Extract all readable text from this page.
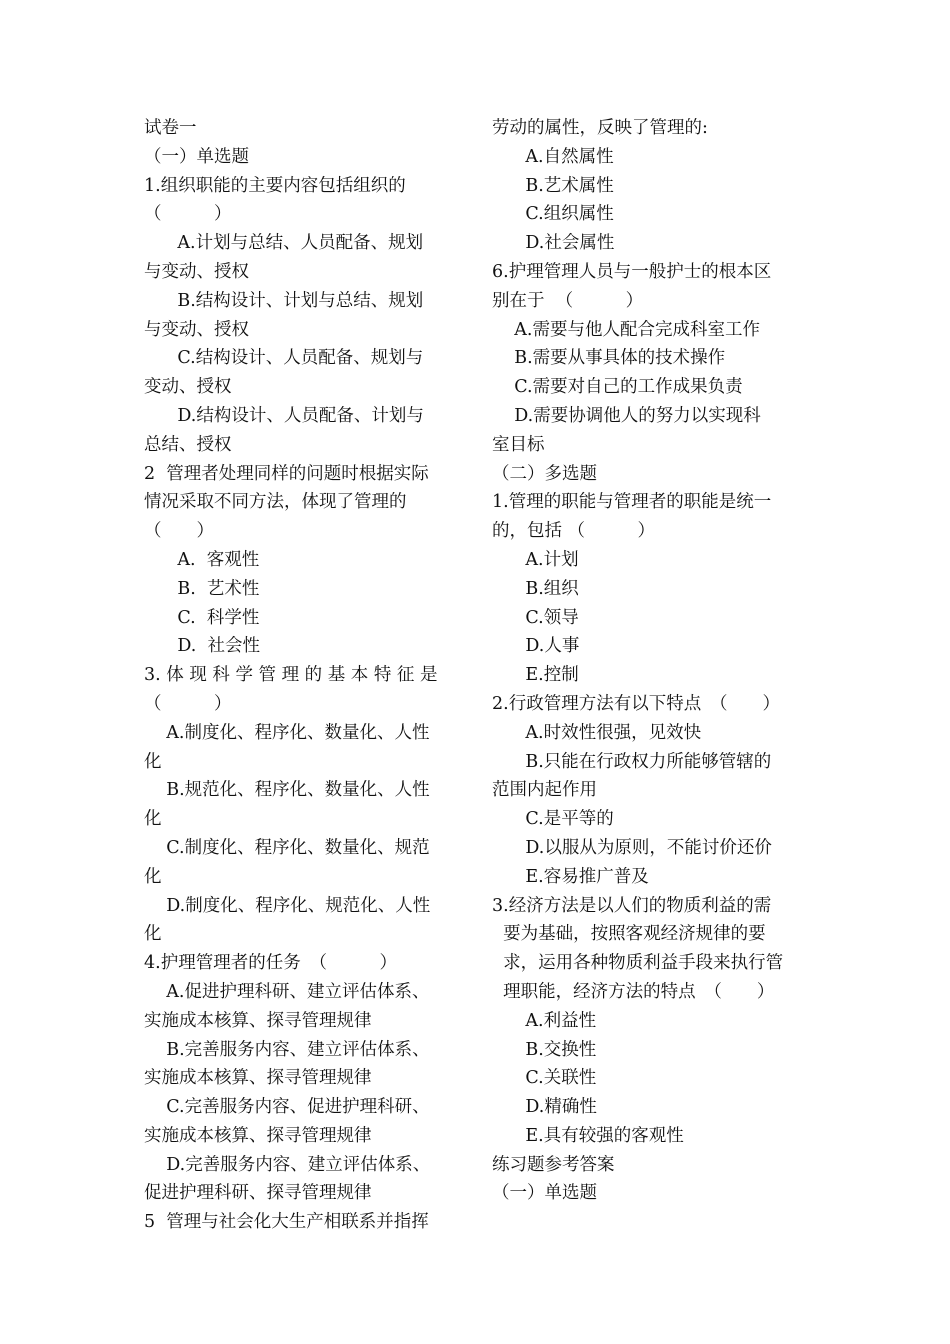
试卷一
（一）单选题
1.组织职能的主要内容包括组织的
（　　　）
A.计划与总结、人员配备、规划
与变动、授权
B.结构设计、计划与总结、规划
与变动、授权
C.结构设计、人员配备、规划与
变动、授权
D.结构设计、人员配备、计划与
总结、授权
2  管理者处理同样的问题时根据实际
情况采取不同方法，体现了管理的
（　　）
A.  客观性
B.  艺术性
C.  科学性
D.  社会性
3. 体 现 科 学 管 理 的 基 本 特 征 是
（　　　）
A.制度化、程序化、数量化、人性
化
B.规范化、程序化、数量化、人性
化
C.制度化、程序化、数量化、规范
化
D.制度化、程序化、规范化、人性
化
4.护理管理者的任务　（　　　）
A.促进护理科研、建立评估体系、
实施成本核算、探寻管理规律
B.完善服务内容、建立评估体系、
实施成本核算、探寻管理规律
C.完善服务内容、促进护理科研、
实施成本核算、探寻管理规律
D.完善服务内容、建立评估体系、
促进护理科研、探寻管理规律
5  管理与社会化大生产相联系并指挥
劳动的属性，反映了管理的:
A.自然属性
B.艺术属性
C.组织属性
D.社会属性
6.护理管理人员与一般护士的根本区
别在于  （　　　）
A.需要与他人配合完成科室工作
B.需要从事具体的技术操作
C.需要对自己的工作成果负责
D.需要协调他人的努力以实现科
室目标
（二）多选题
1.管理的职能与管理者的职能是统一
的，包括 （　　　）
A.计划
B.组织
C.领导
D.人事
E.控制
2.行政管理方法有以下特点　（　　）
A.时效性很强，见效快
B.只能在行政权力所能够管辖的
范围内起作用
C.是平等的
D.以服从为原则，不能讨价还价
E.容易推广普及
3.经济方法是以人们的物质利益的需
要为基础，按照客观经济规律的要
求，运用各种物质利益手段来执行管
理职能，经济方法的特点　（　　）
A.利益性
B.交换性
C.关联性
D.精确性
E.具有较强的客观性
练习题参考答案
（一）单选题
